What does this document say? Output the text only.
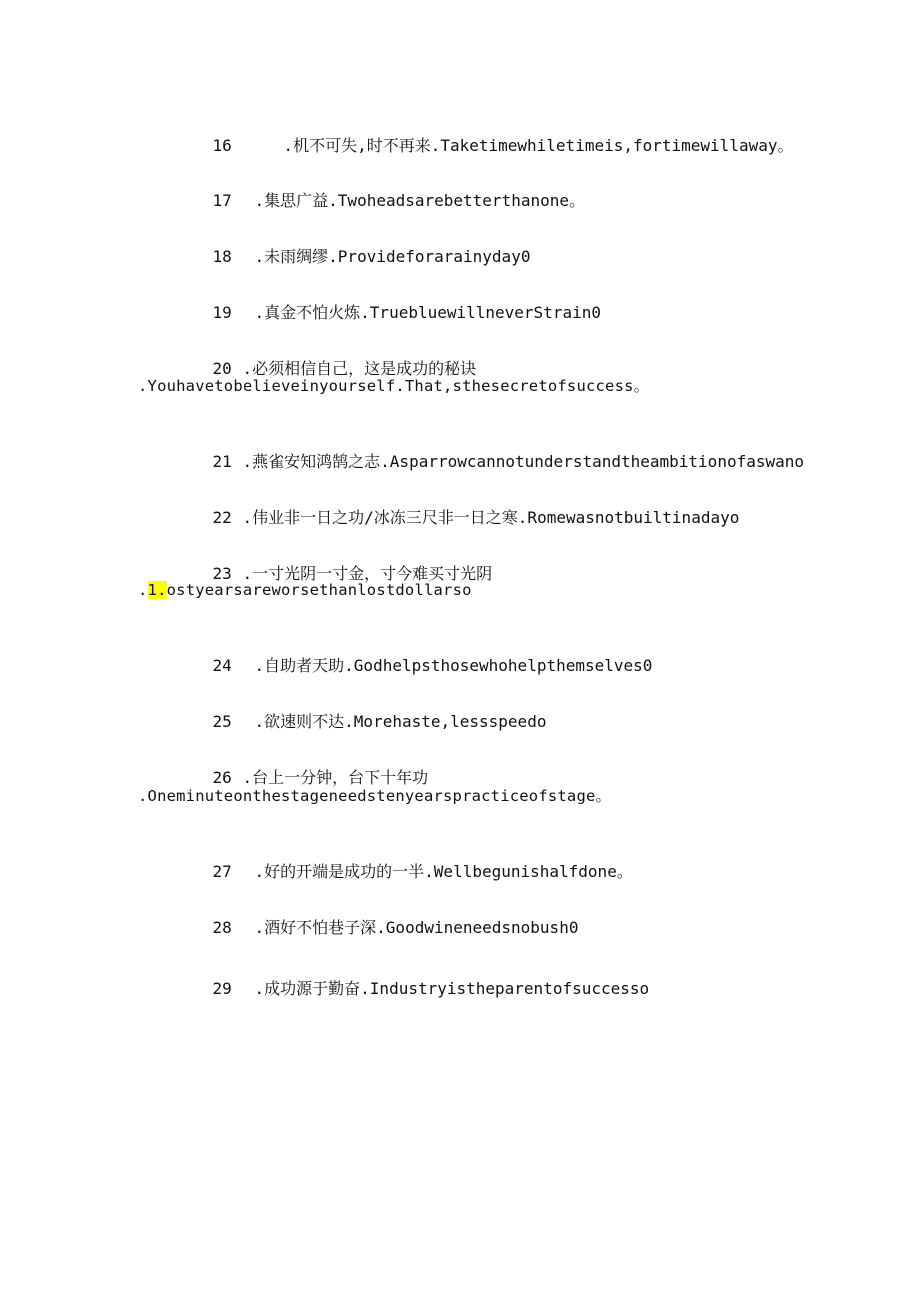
16   .机不可失,时不再来.Taketimewhiletimeis,fortimewillaway。

17 .集思广益.Twoheadsarebetterthanone。

18 .未雨绸缪.Provideforarainyday0

19 .真金不怕火炼.TruebluewillneverStrain0

20 .必须相信自己，这是成功的秘诀

.Youhavetobelieveinyourself.That,sthesecretofsuccess。

21 .燕雀安知鸿鹄之志.Asparrowcannotunderstandtheambitionofaswano

22 .伟业非一日之功/冰冻三尺非一日之寒.Romewasnotbuiltinadayo

23 .一寸光阴一寸金，寸今难买寸光阴

.1.ostyearsareworsethanlostdollarso

24 .自助者天助.Godhelpsthosewhohelpthemselves0

25 .欲速则不达.Morehaste,lessspeedo

26 .台上一分钟，台下十年功

.Oneminuteonthestageneedstenyearspracticeofstage。

27 .好的开端是成功的一半.Wellbegunishalfdone。

28 .酒好不怕巷子深.Goodwineneedsnobush0

29 .成功源于勤奋.Industryistheparentofsuccesso
